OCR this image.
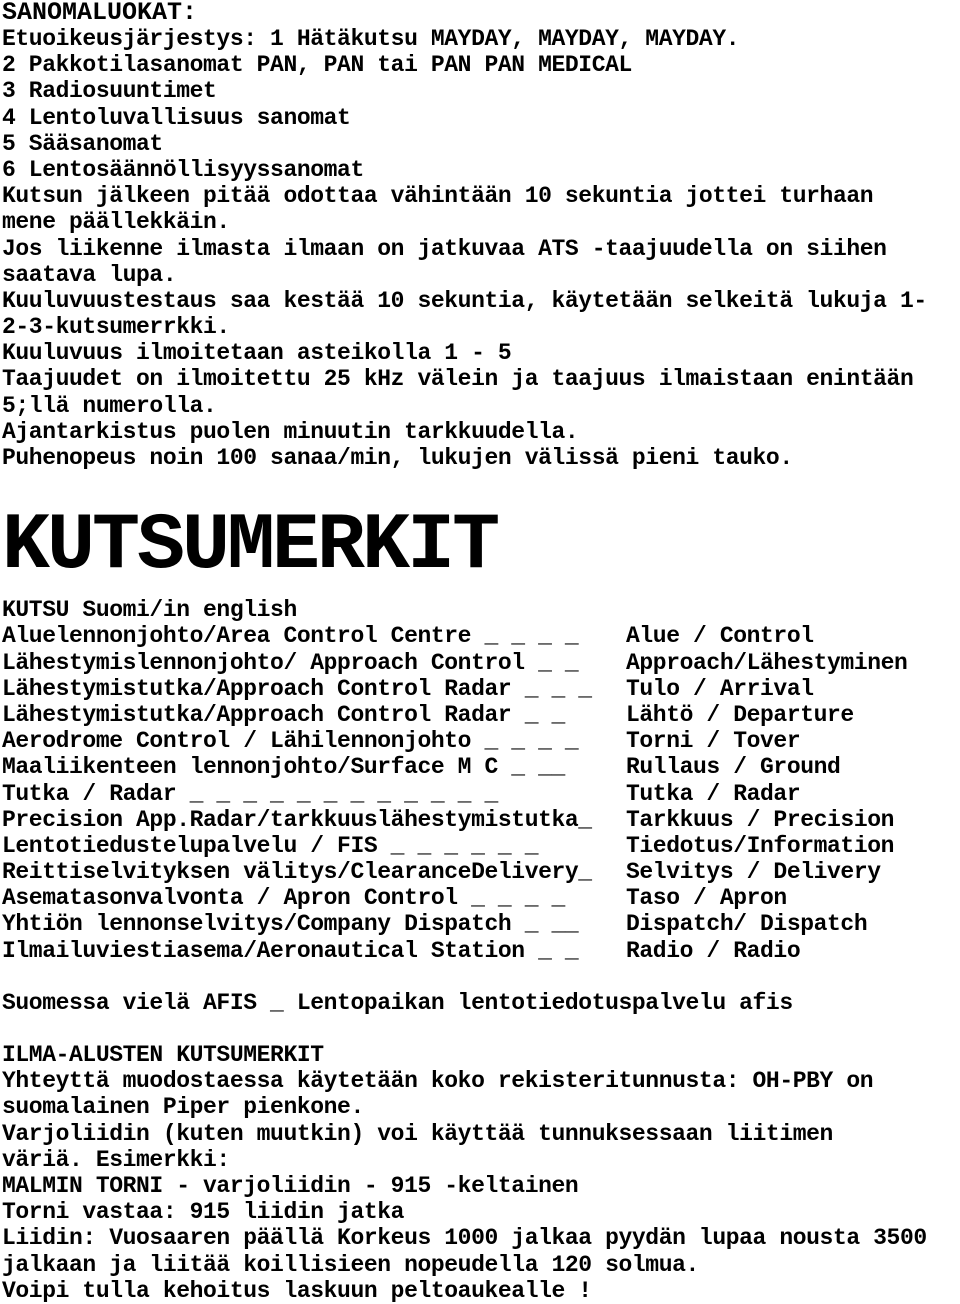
SANOMALUOKAT:
Etuoikeusjärjestys: 1 Hätäkutsu MAYDAY, MAYDAY, MAYDAY.
2 Pakkotilasanomat PAN, PAN tai PAN PAN MEDICAL
3 Radiosuuntimet
4 Lentoluvallisuus sanomat
5 Sääsanomat
6 Lentosäännöllisyyssanomat
Kutsun jälkeen pitää odottaa vähintään 10 sekuntia jottei turhaan
mene päällekkäin.
Jos liikenne ilmasta ilmaan on jatkuvaa ATS -taajuudella on siihen
saatava lupa.
Kuuluvuustestaus saa kestää 10 sekuntia, käytetään selkeitä lukuja 1-
2-3-kutsumerrkki.
Kuuluvuus ilmoitetaan asteikolla 1 - 5
Taajuudet on ilmoitettu 25 kHz välein ja taajuus ilmaistaan enintään
5;llä numerolla.
Ajantarkistus puolen minuutin tarkkuudella.
Puhenopeus noin 100 sanaa/min, lukujen välissä pieni tauko.
KUTSUMERKIT
KUTSU Suomi/in english
Aluelennonjohto/Area Control Centre _ _ _ _	Alue / Control
Lähestymislennonjohto/ Approach Control _ _	Approach/Lähestyminen
Lähestymistutka/Approach Control Radar _ _ _	Tulo / Arrival
Lähestymistutka/Approach Control Radar _ _	Lähtö / Departure
Aerodrome Control / Lähilennonjohto _ _ _ _	Torni / Tover
Maaliikenteen lennonjohto/Surface M C _ __	Rullaus / Ground
Tutka / Radar _ _ _ _ _ _ _ _ _ _ _ _	Tutka / Radar
Precision App.Radar/tarkkuuslähestymistutka_	Tarkkuus / Precision
Lentotiedustelupalvelu / FIS _ _ _ _ _ _	Tiedotus/Information
Reittiselvityksen välitys/ClearanceDelivery_	Selvitys / Delivery
Asematasonvalvonta / Apron Control _ _ _ _	Taso / Apron
Yhtiön lennonselvitys/Company Dispatch _ __	Dispatch/ Dispatch
Ilmailuviestiasema/Aeronautical Station _ _	Radio / Radio
Suomessa vielä AFIS _ Lentopaikan lentotiedotuspalvelu afis
ILMA-ALUSTEN KUTSUMERKIT
Yhteyttä muodostaessa käytetään koko rekisteritunnusta: OH-PBY on
suomalainen Piper pienkone.
Varjoliidin (kuten muutkin) voi käyttää tunnuksessaan liitimen
väriä. Esimerkki:
MALMIN TORNI - varjoliidin - 915 -keltainen
Torni vastaa: 915 liidin jatka
Liidin: Vuosaaren päällä Korkeus 1000 jalkaa pyydän lupaa nousta 3500
jalkaan ja liitää koillisieen nopeudella 120 solmua.
Voipi tulla kehoitus laskuun peltoaukealle !
